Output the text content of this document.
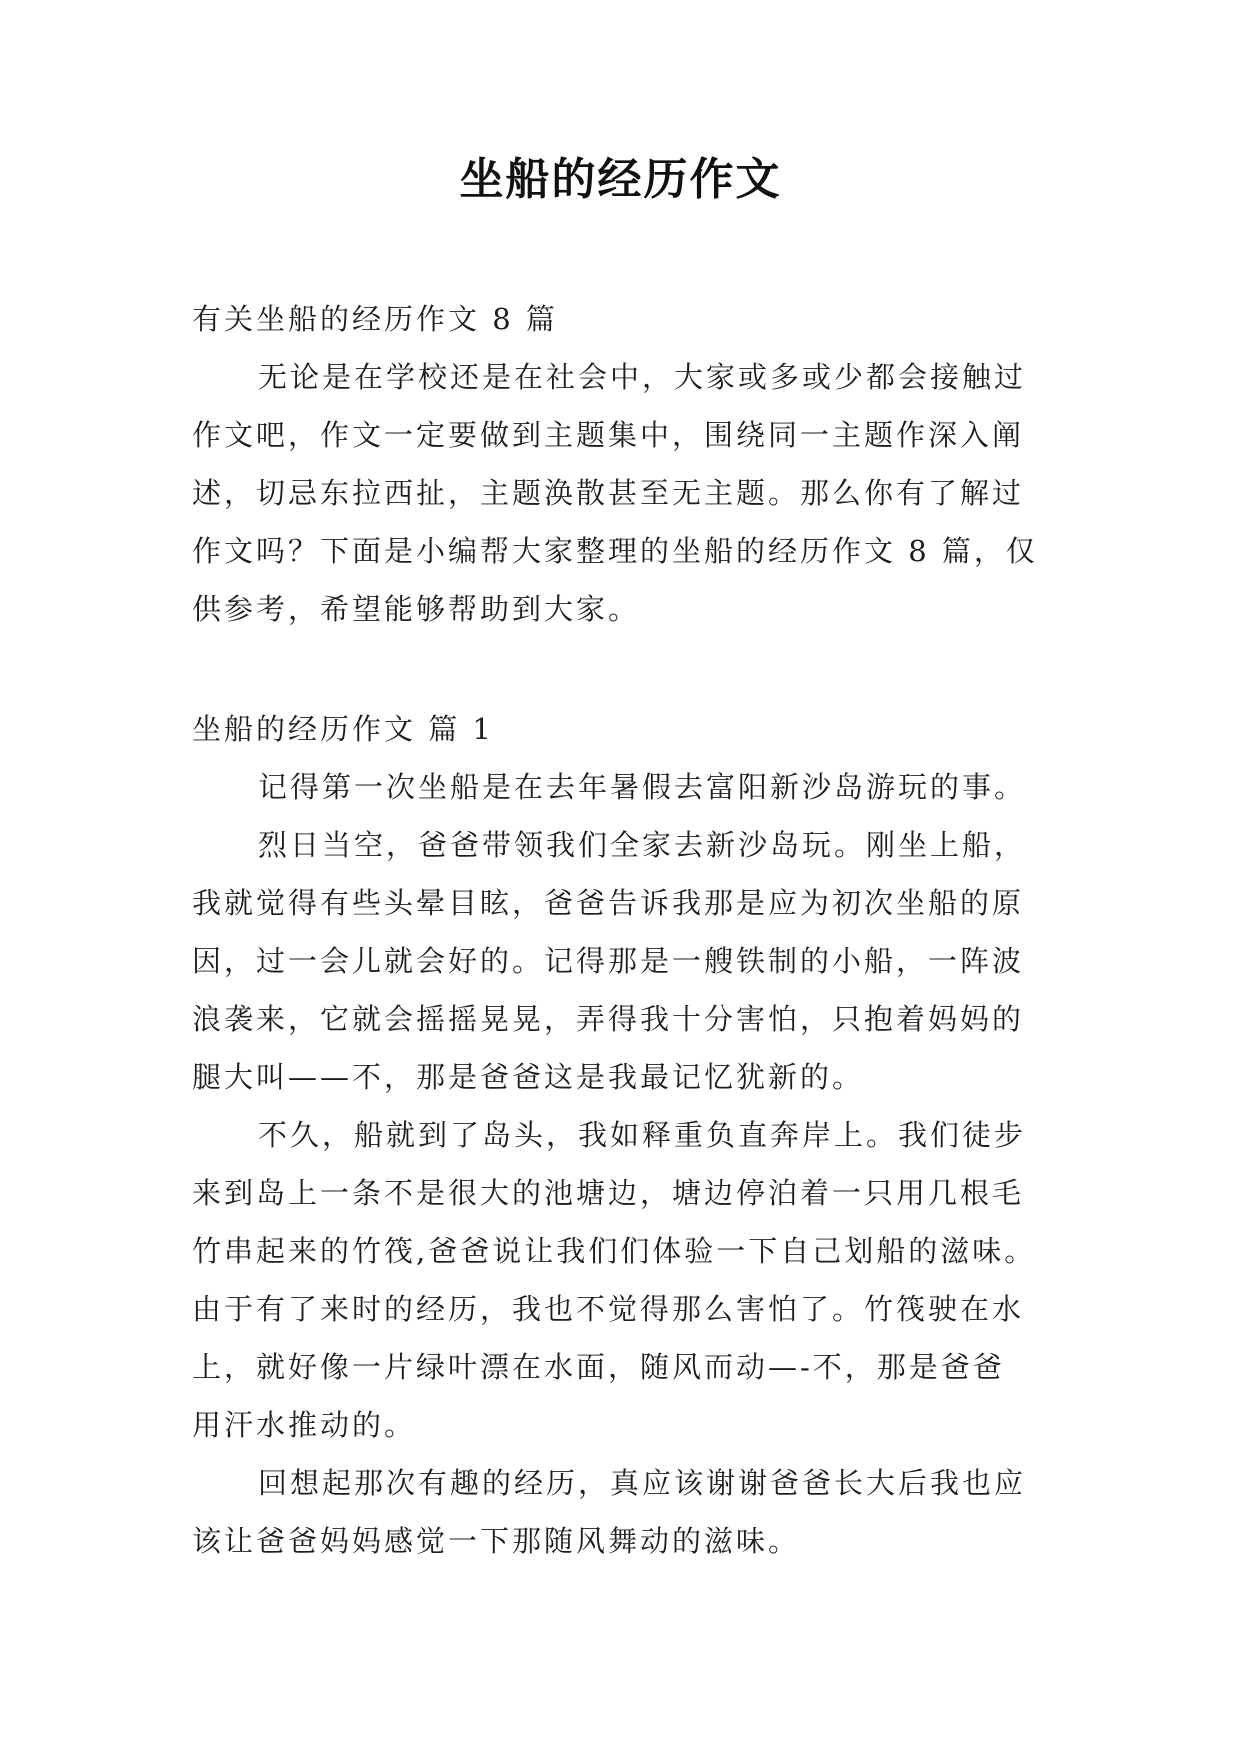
坐船的经历作文
有关坐船的经历作文 8 篇
无论是在学校还是在社会中，大家或多或少都会接触过
作文吧，作文一定要做到主题集中，围绕同一主题作深入阐
述，切忌东拉西扯，主题涣散甚至无主题。那么你有了解过
作文吗？下面是小编帮大家整理的坐船的经历作文 8 篇，仅
供参考，希望能够帮助到大家。
坐船的经历作文 篇 1
记得第一次坐船是在去年暑假去富阳新沙岛游玩的事。
烈日当空，爸爸带领我们全家去新沙岛玩。刚坐上船，
我就觉得有些头晕目眩，爸爸告诉我那是应为初次坐船的原
因，过一会儿就会好的。记得那是一艘铁制的小船，一阵波
浪袭来，它就会摇摇晃晃，弄得我十分害怕，只抱着妈妈的
腿大叫——不，那是爸爸这是我最记忆犹新的。
不久，船就到了岛头，我如释重负直奔岸上。我们徒步
来到岛上一条不是很大的池塘边，塘边停泊着一只用几根毛
竹串起来的竹筏,爸爸说让我们们体验一下自己划船的滋味。
由于有了来时的经历，我也不觉得那么害怕了。竹筏驶在水
上，就好像一片绿叶漂在水面，随风而动—-不，那是爸爸
用汗水推动的。
回想起那次有趣的经历，真应该谢谢爸爸长大后我也应
该让爸爸妈妈感觉一下那随风舞动的滋味。
